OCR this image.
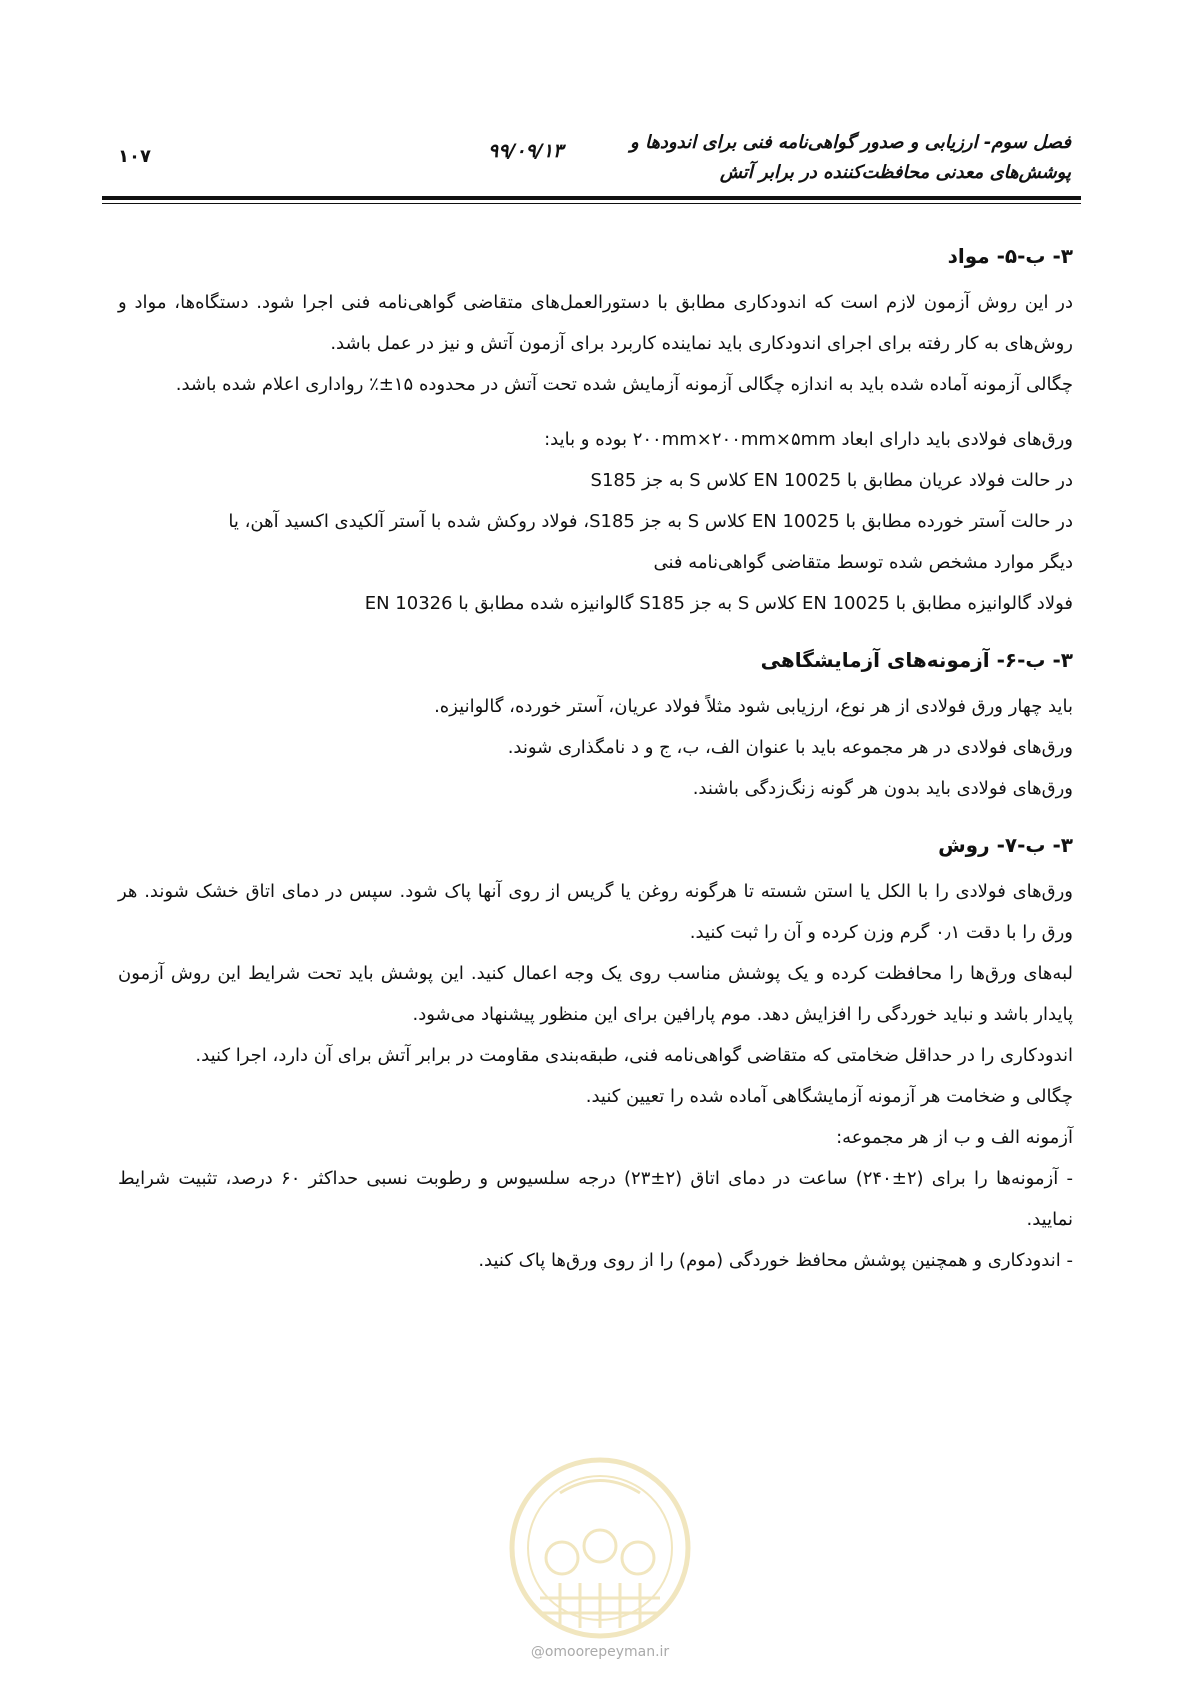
فصل سوم- ارزیابی و صدور گواهی‌نامه فنی برای اندودها و
پوشش‌های معدنی محافظت‌کننده در برابر آتش
۹۹/۰۹/۱۳
۱۰۷
۳- ب-۵- مواد

در این روش آزمون لازم است که اندودکاری مطابق با دستورالعمل‌های متقاضی گواهی‌نامه فنی اجرا شود. دستگاه‌ها، مواد و روش‌های به کار رفته برای اجرای اندودکاری باید نماینده کاربرد برای آزمون آتش و نیز در عمل باشد.

چگالی آزمونه آماده شده باید به اندازه چگالی آزمونه آزمایش شده تحت آتش در محدوده ۱۵±٪ رواداری اعلام شده باشد.

ورق‌های فولادی باید دارای ابعاد ۲۰۰mm×۲۰۰mm×۵mm بوده و باید:

در حالت فولاد عریان مطابق با EN 10025 کلاس S به جز S185

در حالت آستر خورده مطابق با EN 10025 کلاس S به جز S185، فولاد روکش شده با آستر آلکیدی اکسید آهن، یا

دیگر موارد مشخص شده توسط متقاضی گواهی‌نامه فنی

فولاد گالوانیزه مطابق با EN 10025 کلاس S به جز S185 گالوانیزه شده مطابق با EN 10326

۳- ب-۶- آزمونه‌های آزمایشگاهی

باید چهار ورق فولادی از هر نوع، ارزیابی شود مثلاً فولاد عریان، آستر خورده، گالوانیزه.

ورق‌های فولادی در هر مجموعه باید با عنوان الف، ب، ج و د نامگذاری شوند.

ورق‌های فولادی باید بدون هر گونه زنگ‌زدگی باشند.

۳- ب-۷- روش

ورق‌های فولادی را با الکل یا استن شسته تا هرگونه روغن یا گریس از روی آنها پاک شود. سپس در دمای اتاق خشک شوند. هر ورق را با دقت ۰٫۱ گرم وزن کرده و آن را ثبت کنید.

لبه‌های ورق‌ها را محافظت کرده و یک پوشش مناسب روی یک وجه اعمال کنید. این پوشش باید تحت شرایط این روش آزمون پایدار باشد و نباید خوردگی را افزایش دهد. موم پارافین برای این منظور پیشنهاد می‌شود.

اندودکاری را در حداقل ضخامتی که متقاضی گواهی‌نامه فنی، طبقه‌بندی مقاومت در برابر آتش برای آن دارد، اجرا کنید.

چگالی و ضخامت هر آزمونه آزمایشگاهی آماده شده را تعیین کنید.

آزمونه الف و ب از هر مجموعه:

- آزمونه‌ها را برای (۲±۲۴۰) ساعت در دمای اتاق (۲±۲۳) درجه سلسیوس و رطوبت نسبی حداکثر ۶۰ درصد، تثبیت شرایط نمایید.

- اندودکاری و همچنین پوشش محافظ خوردگی (موم) را از روی ورق‌ها پاک کنید.

@omoorepeyman.ir
